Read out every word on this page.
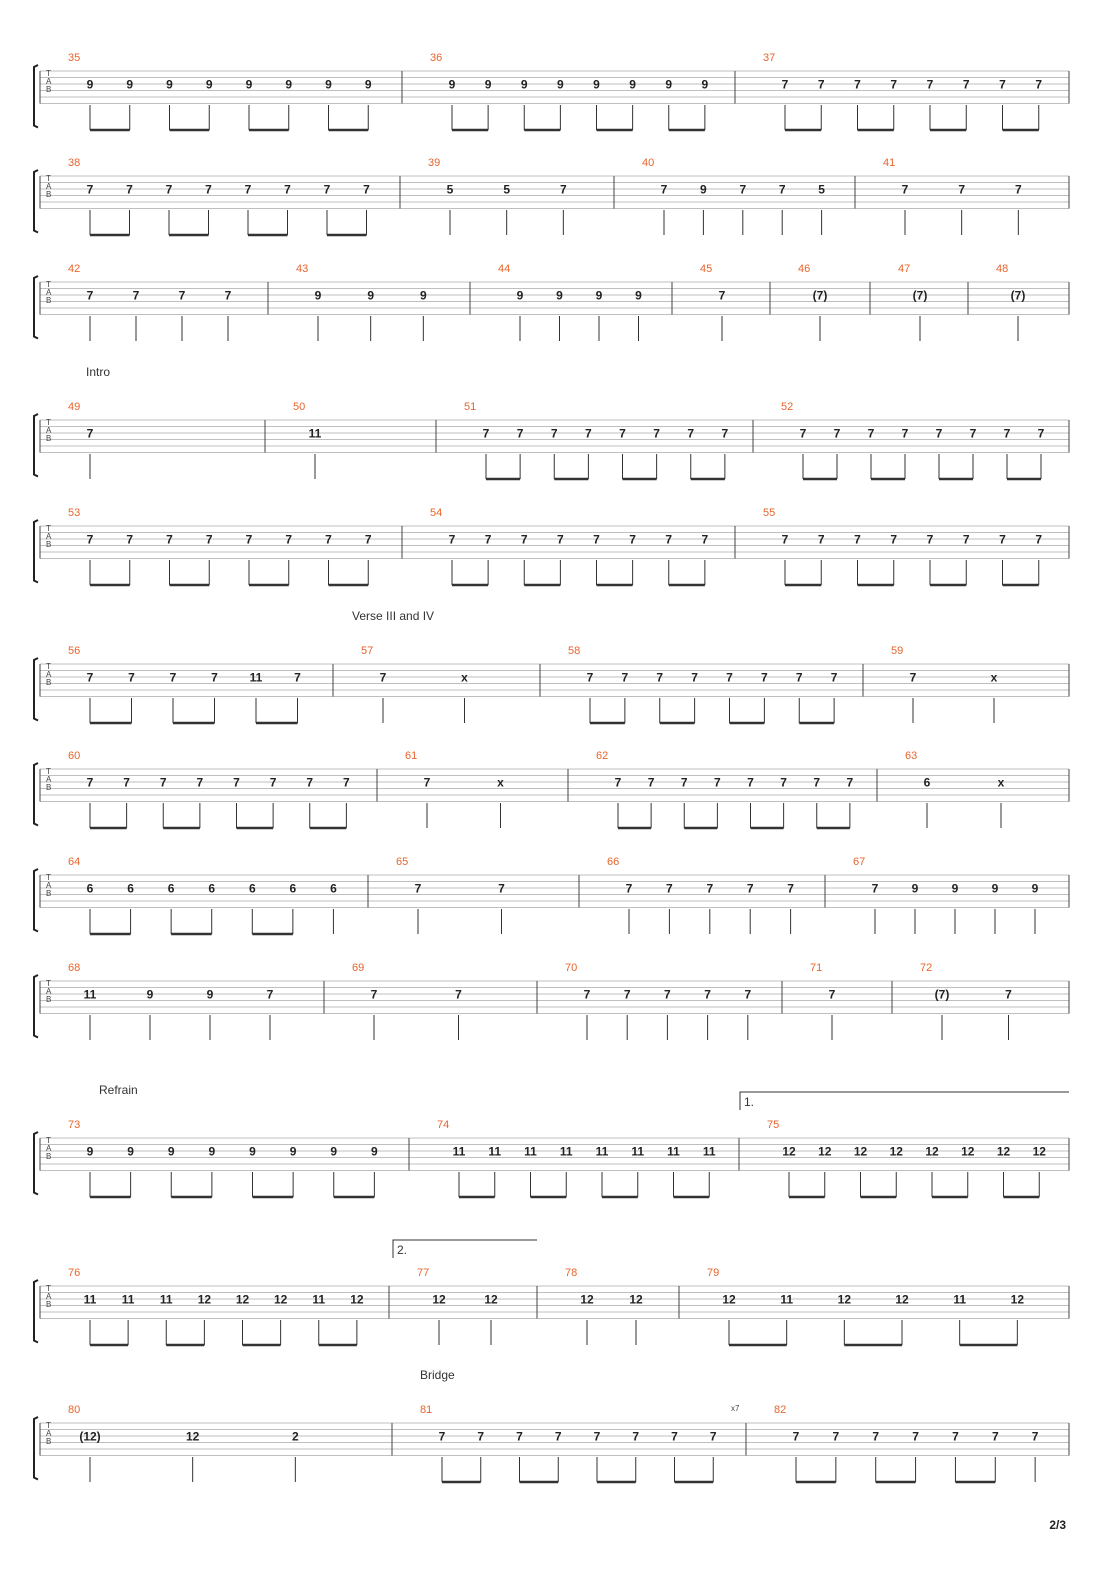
T
A
B
35
9	9	9	9	9	9	9	9
36
9 9 9 9 9 9 9 9
37
7 7 7 7 7 7 7 7
T
A
B
38
7	7	7	7	7	7	7	7
39
5	5	7
40
7	9	7	7	5
41
7	7	7
T
A
B
42
7	7	7	7
43
9	9	9
44
9	9	9	9
45
7
46
(7)
47
(7)
48
(7)
Intro
T
A
B
49
7
50
11
51
7 7 7 7 7 7 7 7
52
7 7 7 7 7 7 7 7
T
A
B
53
7	7	7	7	7	7	7	7
54
7 7 7 7 7 7 7 7
55
7 7 7 7 7 7 7 7
Verse III and IV
T
A
B
56
7	7	7	7	11	7
57
7	x
58
7 7 7 7 7 7 7 7
59
7	x
T
A
B
60
7 7 7 7 7 7 7 7
61
7	x
62
7 7 7 7 7 7 7 7
63
6	x
T
A
B
64
6	6	6	6	6	6	6
65
7	7
66
7	7	7	7	7
67
7	9	9	9	9
T
A
B
68
11	9	9	7
69
7	7
70
7	7	7	7	7
71
7
72
(7)	7
Refrain
1.
T
A
B
73
9	9	9	9	9	9	9	9
74
11 11 11 11 11 11 11 11
75
12 12 12 12 12 12 12 12
2.
T
A
B
76
11 11 11 12 12 12 11 12
77
12	12
78
12	12
79
12	11	12	12	11	12
Bridge
x7
T
A
B
80
(12)	12	2
81
7	7	7	7	7	7	7	7
82
7	7	7	7	7	7	7
2/3
